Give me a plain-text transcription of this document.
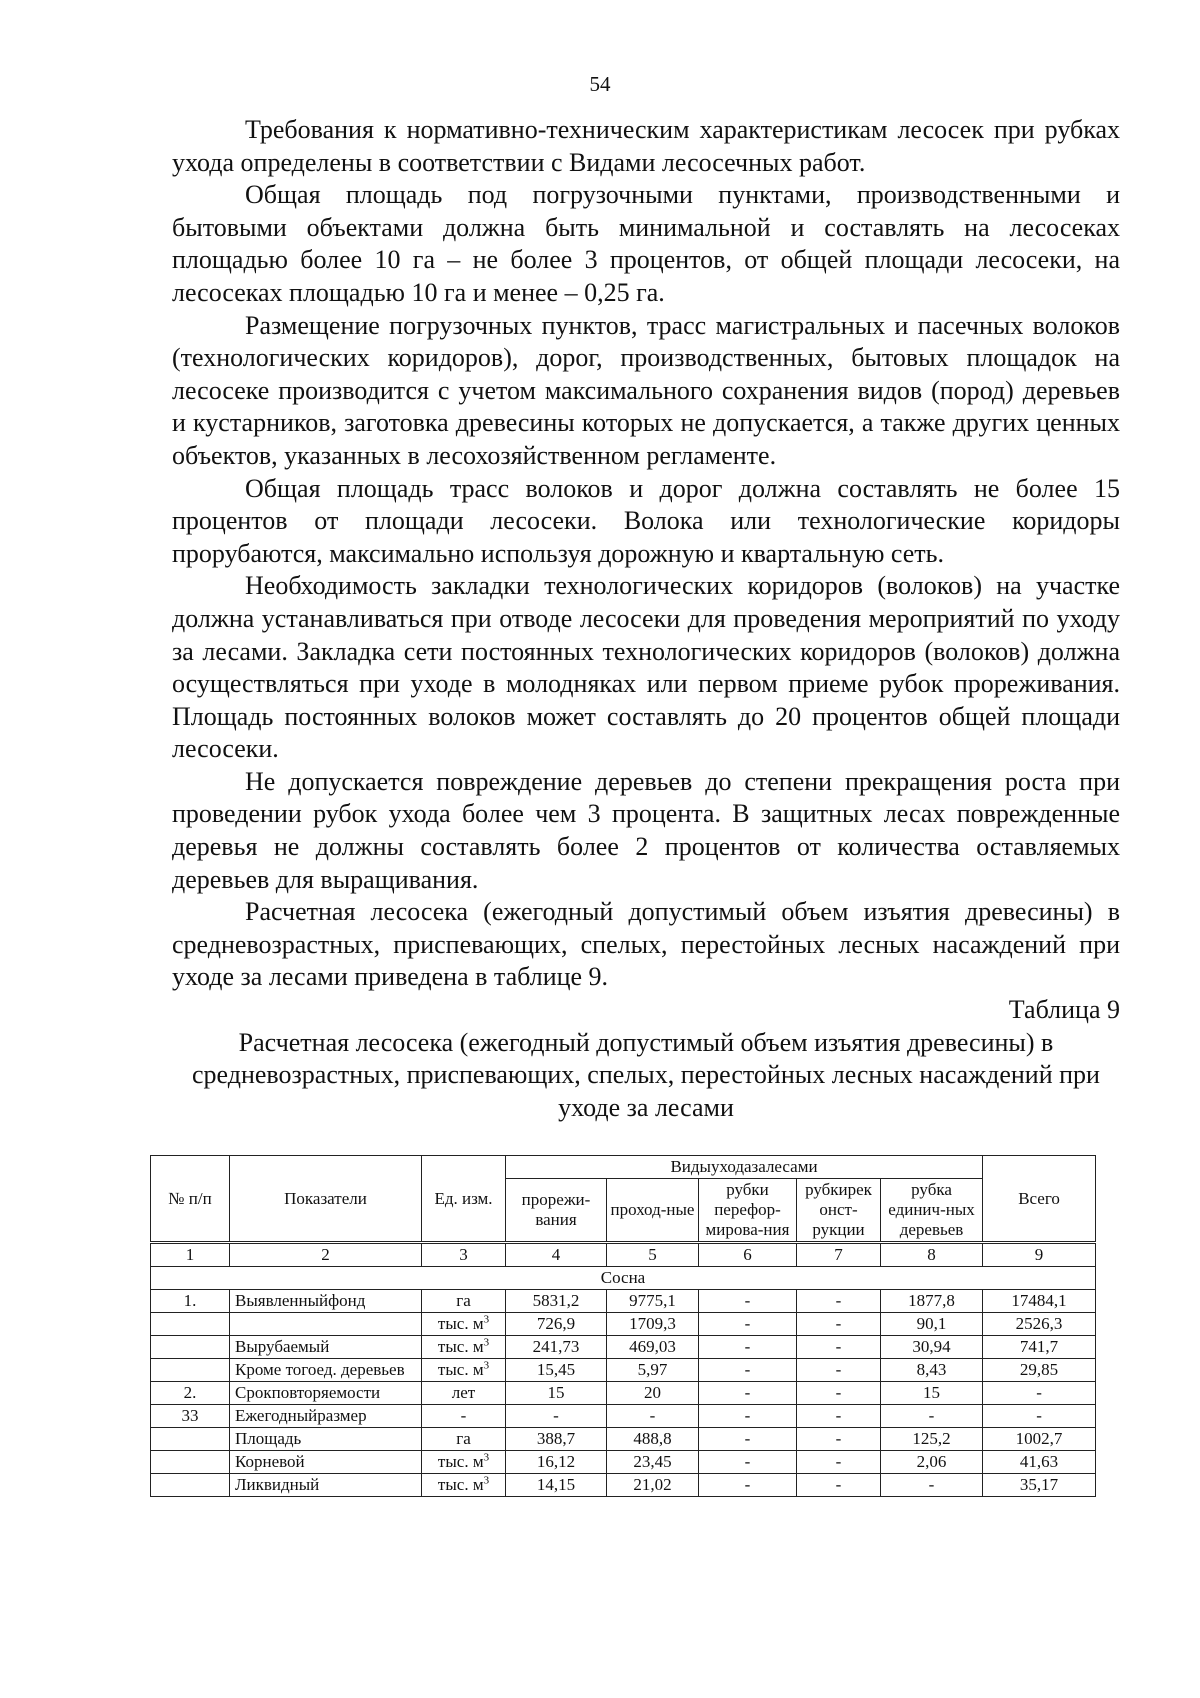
54

Требования к нормативно-техническим характеристикам лесосек при рубках ухода определены в соответствии с Видами лесосечных работ.

Общая площадь под погрузочными пунктами, производственными и бытовыми объектами должна быть минимальной и составлять на лесосеках площадью более 10 га – не более 3 процентов, от общей площади лесосеки, на лесосеках площадью 10 га и менее – 0,25 га.

Размещение погрузочных пунктов, трасс магистральных и пасечных волоков (технологических коридоров), дорог, производственных, бытовых площадок на лесосеке производится с учетом максимального сохранения видов (пород) деревьев и кустарников, заготовка древесины которых не допускается, а также других ценных объектов, указанных в лесохозяйственном регламенте.

Общая площадь трасс волоков и дорог должна составлять не более 15 процентов от площади лесосеки. Волока или технологические коридоры прорубаются, максимально используя дорожную и квартальную сеть.

Необходимость закладки технологических коридоров (волоков) на участке должна устанавливаться при отводе лесосеки для проведения мероприятий по уходу за лесами. Закладка сети постоянных технологических коридоров (волоков) должна осуществляться при уходе в молодняках или первом приеме рубок прореживания. Площадь постоянных волоков может составлять до 20 процентов общей площади лесосеки.

Не допускается повреждение деревьев до степени прекращения роста при проведении рубок ухода более чем 3 процента. В защитных лесах поврежденные деревья не должны составлять более 2 процентов от количества оставляемых деревьев для выращивания.

Расчетная лесосека (ежегодный допустимый объем изъятия древесины) в средневозрастных, приспевающих, спелых, перестойных лесных насаждений при уходе за лесами приведена в таблице 9.

Таблица 9

Расчетная лесосека (ежегодный допустимый объем изъятия древесины) в средневозрастных, приспевающих, спелых, перестойных лесных насаждений при уходе за лесами

№ п/п	Показатели	Ед. изм.	Видыуходазалесами					Всего
			прорежи-вания	проход-ные	рубки перефор-мирова-ния	рубкирек онст-рукции	рубка единич-ных деревьев	
1	2	3	4	5	6	7	8	9
Сосна								
1.	Выявленныйфонд	га	5831,2	9775,1	-	-	1877,8	17484,1
		тыс. $м^3$	726,9	1709,3	-	-	90,1	2526,3
	Вырубаемый	тыс. $м^3$	241,73	469,03	-	-	30,94	741,7
	Кроме тогоед. деревьев	тыс. $м^3$	15,45	5,97	-	-	8,43	29,85
2.	Срокповторяемости	лет	15	20	-	-	15	-
33	Ежегодныйразмер	-	-	-	-	-	-	-
	Площадь	га	388,7	488,8	-	-	125,2	1002,7
	Корневой	тыс. $м^3$	16,12	23,45	-	-	2,06	41,63
	Ликвидный	тыс. $м^3$	14,15	21,02	-	-	-	35,17
